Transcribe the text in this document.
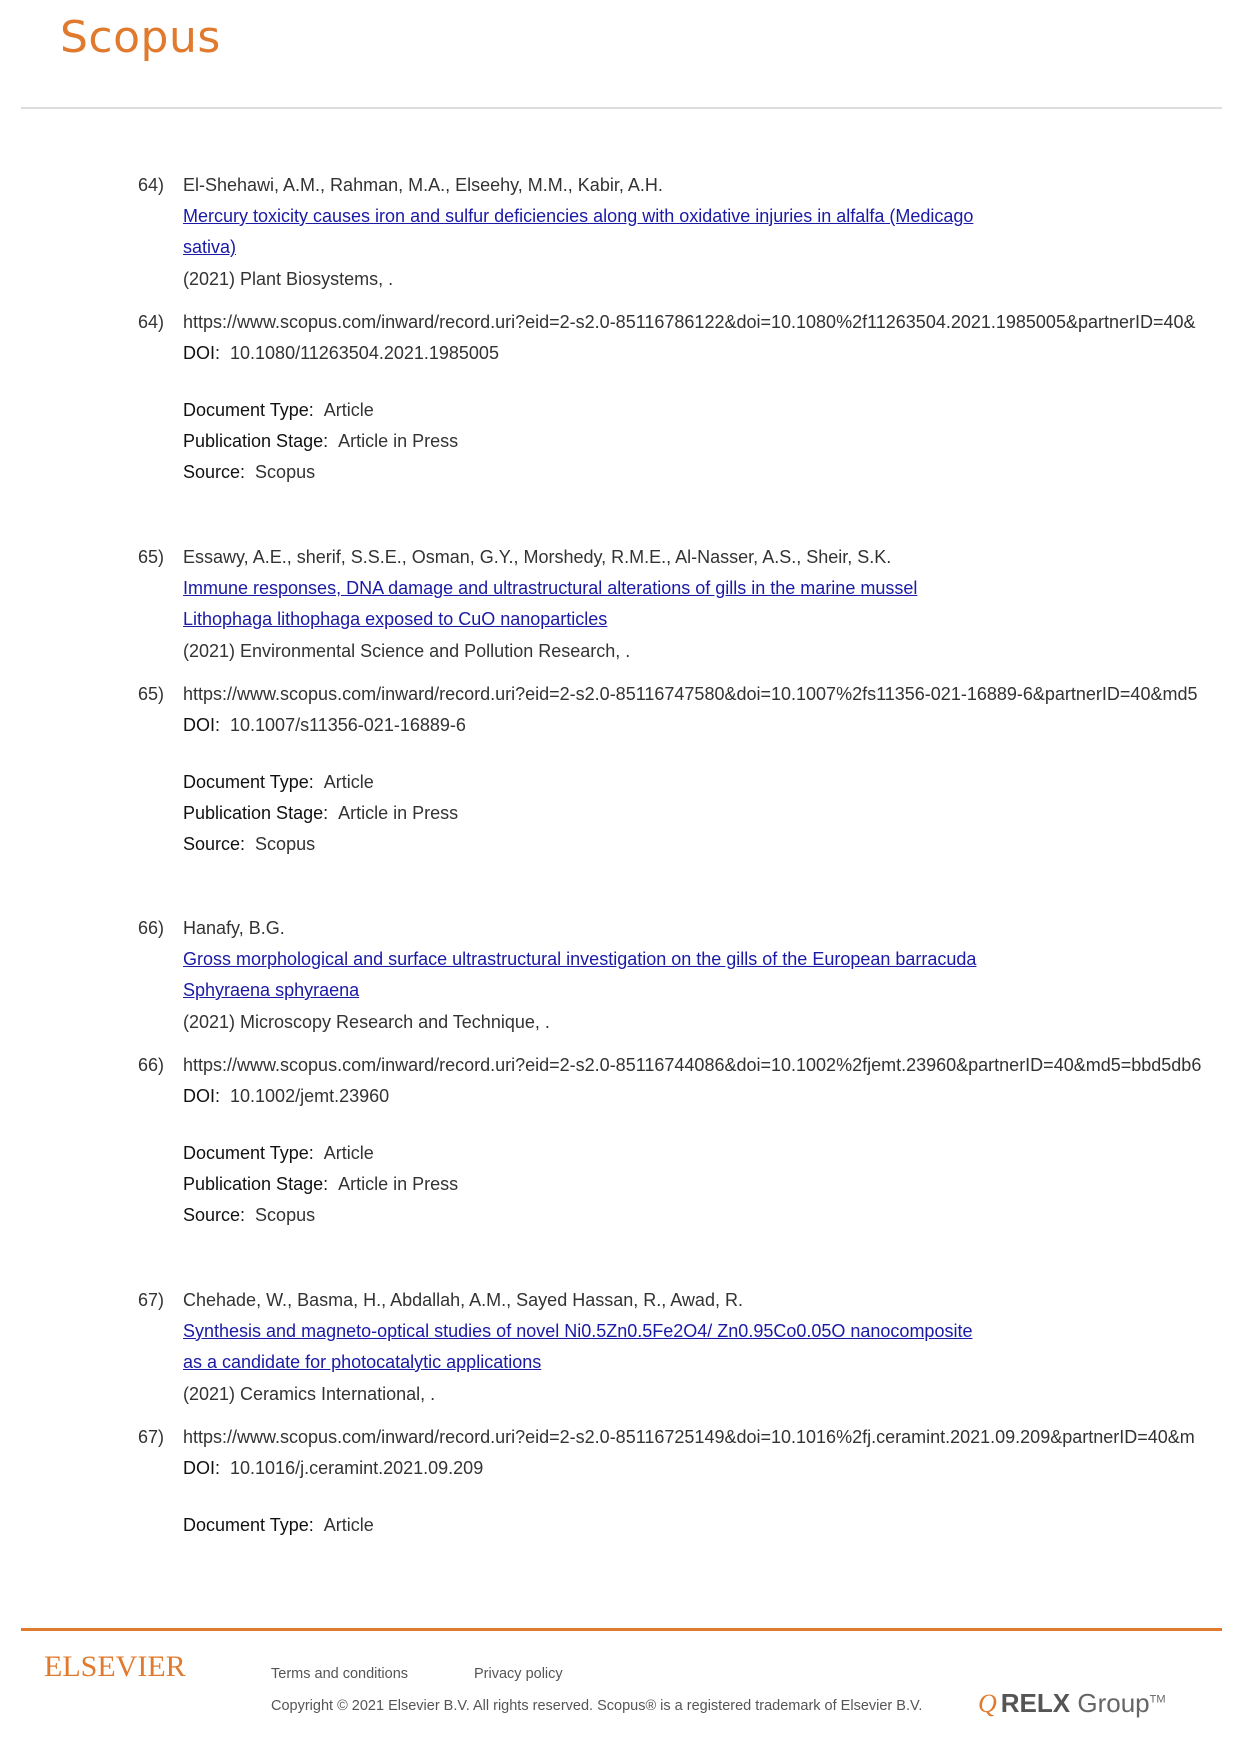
Scopus
64) El-Shehawi, A.M., Rahman, M.A., Elseehy, M.M., Kabir, A.H.
Mercury toxicity causes iron and sulfur deficiencies along with oxidative injuries in alfalfa (Medicago
sativa)
(2021) Plant Biosystems, .
64) https://www.scopus.com/inward/record.uri?eid=2-s2.0-85116786122&doi=10.1080%2f11263504.2021.1985005&partnerID=40&
DOI: 10.1080/11263504.2021.1985005
Document Type: Article
Publication Stage: Article in Press
Source: Scopus
65) Essawy, A.E., sherif, S.S.E., Osman, G.Y., Morshedy, R.M.E., Al-Nasser, A.S., Sheir, S.K.
Immune responses, DNA damage and ultrastructural alterations of gills in the marine mussel
Lithophaga lithophaga exposed to CuO nanoparticles
(2021) Environmental Science and Pollution Research, .
65) https://www.scopus.com/inward/record.uri?eid=2-s2.0-85116747580&doi=10.1007%2fs11356-021-16889-6&partnerID=40&md5
DOI: 10.1007/s11356-021-16889-6
Document Type: Article
Publication Stage: Article in Press
Source: Scopus
66) Hanafy, B.G.
Gross morphological and surface ultrastructural investigation on the gills of the European barracuda
Sphyraena sphyraena
(2021) Microscopy Research and Technique, .
66) https://www.scopus.com/inward/record.uri?eid=2-s2.0-85116744086&doi=10.1002%2fjemt.23960&partnerID=40&md5=bbd5db6
DOI: 10.1002/jemt.23960
Document Type: Article
Publication Stage: Article in Press
Source: Scopus
67) Chehade, W., Basma, H., Abdallah, A.M., Sayed Hassan, R., Awad, R.
Synthesis and magneto-optical studies of novel Ni0.5Zn0.5Fe2O4/ Zn0.95Co0.05O nanocomposite
as a candidate for photocatalytic applications
(2021) Ceramics International, .
67) https://www.scopus.com/inward/record.uri?eid=2-s2.0-85116725149&doi=10.1016%2fj.ceramint.2021.09.209&partnerID=40&m
DOI: 10.1016/j.ceramint.2021.09.209
Document Type: Article
ELSEVIER	Terms and conditions	Privacy policy
Copyright © 2021 Elsevier B.V. All rights reserved. Scopus® is a registered trademark of Elsevier B.V. Q RELX Group™
